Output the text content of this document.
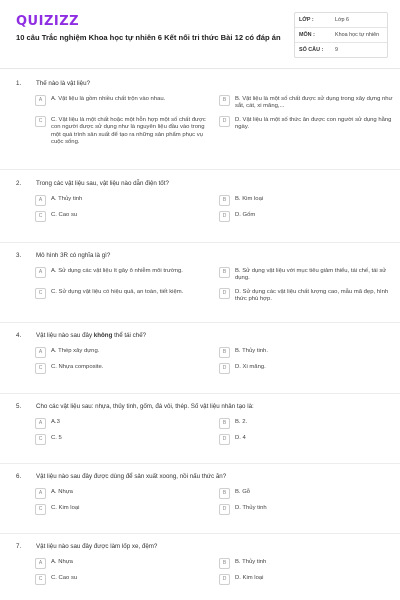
QUIZIZZ
10 câu Trắc nghiệm Khoa học tự nhiên 6 Kết nối tri thức Bài 12 có đáp án
LỚP :	Lớp 6
MÔN :	Khoa học tự nhiên
SỐ CÂU :	9
1.	Thế nào là vật liệu?
A	A. Vật liệu là gồm nhiều chất trộn vào nhau.	B	B. Vật liệu là một số chất được sử dụng trong xây dựng như sắt, cát, xi măng,...
C	C. Vật liệu là một chất hoặc một hỗn hợp một số chất được con người được sử dụng như là nguyên liệu đầu vào trong một quá trình sản xuất để tạo ra những sản phẩm phục vụ cuộc sống.
D	D. Vật liệu là một số thức ăn được con người sử dụng hằng ngày.
2.	Trong các vật liệu sau, vật liệu nào dẫn điện tốt?
A	A. Thủy tinh	B	B. Kim loại
C	C. Cao su	D	D. Gốm
3.	Mô hình 3R có nghĩa là gì?
A	A. Sử dụng các vật liệu ít gây ô nhiễm môi trường.	B	B. Sử dụng vật liệu với mục tiêu giảm thiểu, tái chế, tái sử dụng.
C	C. Sử dụng vật liệu có hiệu quả, an toàn, tiết kiệm.	D	D. Sử dụng các vật liệu chất lượng cao, mẫu mã đẹp, hình thức phù hợp.
4.	Vật liệu nào sau đây không thể tái chế?
A	A. Thép xây dựng.	B	B. Thủy tinh.
C	C. Nhựa composite.	D	D. Xi măng.
5.	Cho các vật liệu sau: nhựa, thủy tinh, gốm, đá vôi, thép. Số vật liệu nhân tạo là:
A	A.3	B	B. 2.
C	C. 5	D	D. 4
6.	Vật liệu nào sau đây được dùng để sản xuất xoong, nồi nấu thức ăn?
A	A. Nhựa	B	B. Gỗ
C	C. Kim loại	D	D. Thủy tinh
7.	Vật liệu nào sau đây được làm lốp xe, đệm?
A	A. Nhựa	B	B. Thủy tinh
C	C. Cao su	D	D. Kim loại
